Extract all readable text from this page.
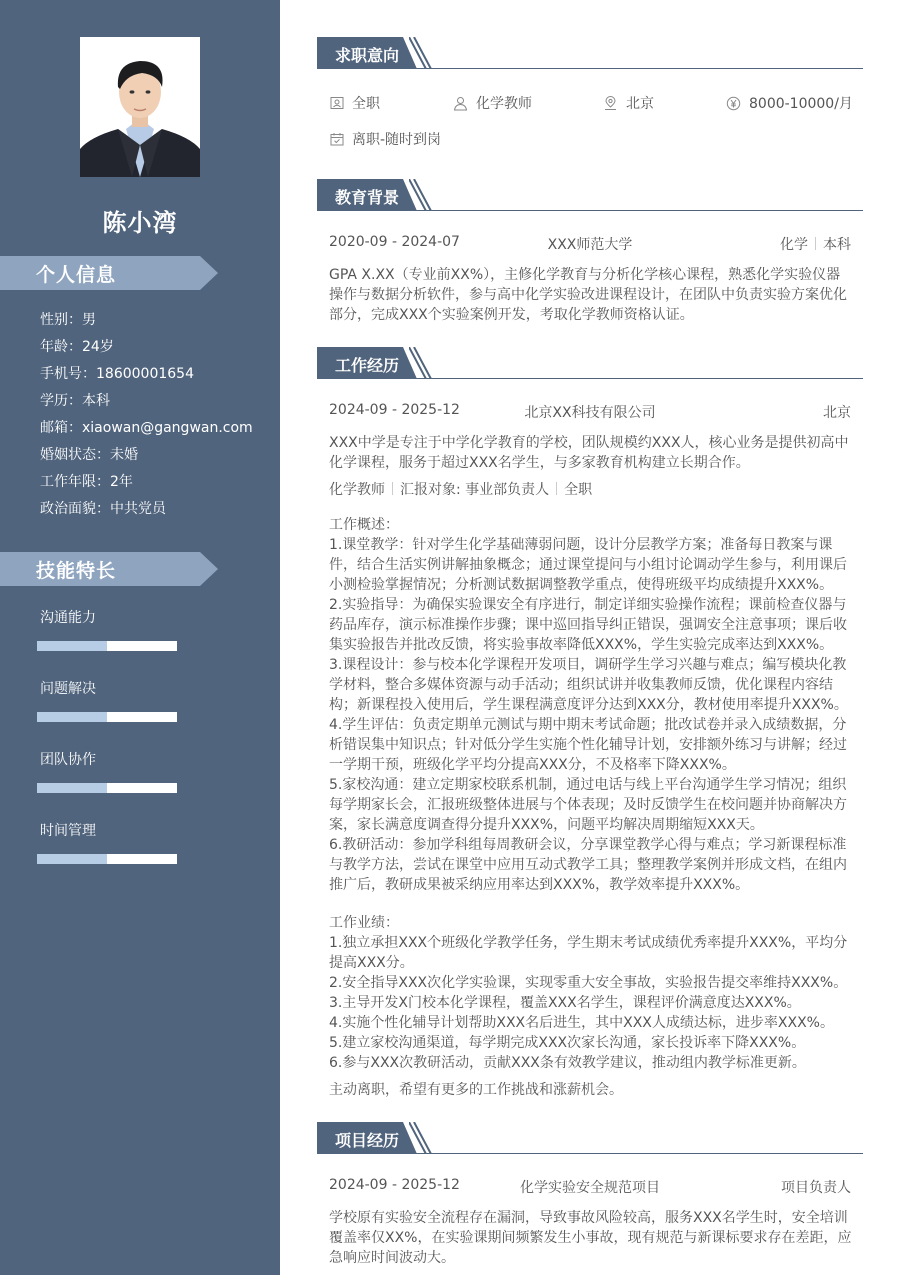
陈小湾
个人信息
性别：男
年龄：24岁
手机号：18600001654
学历：本科
邮箱：xiaowan@gangwan.com
婚姻状态：未婚
工作年限：2年
政治面貌：中共党员
技能特长
沟通能力
问题解决
团队协作
时间管理
求职意向
全职	化学教师	北京	8000-10000/月
离职-随时到岗
教育背景
2020-09 - 2024-07	XXX师范大学	化学 本科
GPA X.XX（专业前XX%），主修化学教育与分析化学核心课程，熟悉化学实验仪器
操作与数据分析软件，参与高中化学实验改进课程设计，在团队中负责实验方案优化
部分，完成XXX个实验案例开发，考取化学教师资格认证。
工作经历
2024-09 - 2025-12	北京XX科技有限公司	北京
XXX中学是专注于中学化学教育的学校，团队规模约XXX人，核心业务是提供初高中
化学课程，服务于超过XXX名学生，与多家教育机构建立长期合作。
化学教师 汇报对象: 事业部负责人 全职
工作概述：
1.课堂教学：针对学生化学基础薄弱问题，设计分层教学方案；准备每日教案与课
件，结合生活实例讲解抽象概念；通过课堂提问与小组讨论调动学生参与，利用课后
小测检验掌握情况；分析测试数据调整教学重点，使得班级平均成绩提升XXX%。
2.实验指导：为确保实验课安全有序进行，制定详细实验操作流程；课前检查仪器与
药品库存，演示标准操作步骤；课中巡回指导纠正错误，强调安全注意事项；课后收
集实验报告并批改反馈，将实验事故率降低XXX%，学生实验完成率达到XXX%。
3.课程设计：参与校本化学课程开发项目，调研学生学习兴趣与难点；编写模块化教
学材料，整合多媒体资源与动手活动；组织试讲并收集教师反馈，优化课程内容结
构；新课程投入使用后，学生课程满意度评分达到XXX分，教材使用率提升XXX%。
4.学生评估：负责定期单元测试与期中期末考试命题；批改试卷并录入成绩数据，分
析错误集中知识点；针对低分学生实施个性化辅导计划，安排额外练习与讲解；经过
一学期干预，班级化学平均分提高XXX分，不及格率下降XXX%。
5.家校沟通：建立定期家校联系机制，通过电话与线上平台沟通学生学习情况；组织
每学期家长会，汇报班级整体进展与个体表现；及时反馈学生在校问题并协商解决方
案，家长满意度调查得分提升XXX%，问题平均解决周期缩短XXX天。
6.教研活动：参加学科组每周教研会议，分享课堂教学心得与难点；学习新课程标准
与教学方法，尝试在课堂中应用互动式教学工具；整理教学案例并形成文档，在组内
推广后，教研成果被采纳应用率达到XXX%，教学效率提升XXX%。
工作业绩：
1.独立承担XXX个班级化学教学任务，学生期末考试成绩优秀率提升XXX%，平均分
提高XXX分。
2.安全指导XXX次化学实验课，实现零重大安全事故，实验报告提交率维持XXX%。
3.主导开发X门校本化学课程，覆盖XXX名学生，课程评价满意度达XXX%。
4.实施个性化辅导计划帮助XXX名后进生，其中XXX人成绩达标，进步率XXX%。
5.建立家校沟通渠道，每学期完成XXX次家长沟通，家长投诉率下降XXX%。
6.参与XXX次教研活动，贡献XXX条有效教学建议，推动组内教学标准更新。
主动离职，希望有更多的工作挑战和涨薪机会。
项目经历
2024-09 - 2025-12	化学实验安全规范项目	项目负责人
学校原有实验安全流程存在漏洞，导致事故风险较高，服务XXX名学生时，安全培训
覆盖率仅XX%，在实验课期间频繁发生小事故，现有规范与新课标要求存在差距，应
急响应时间波动大。
